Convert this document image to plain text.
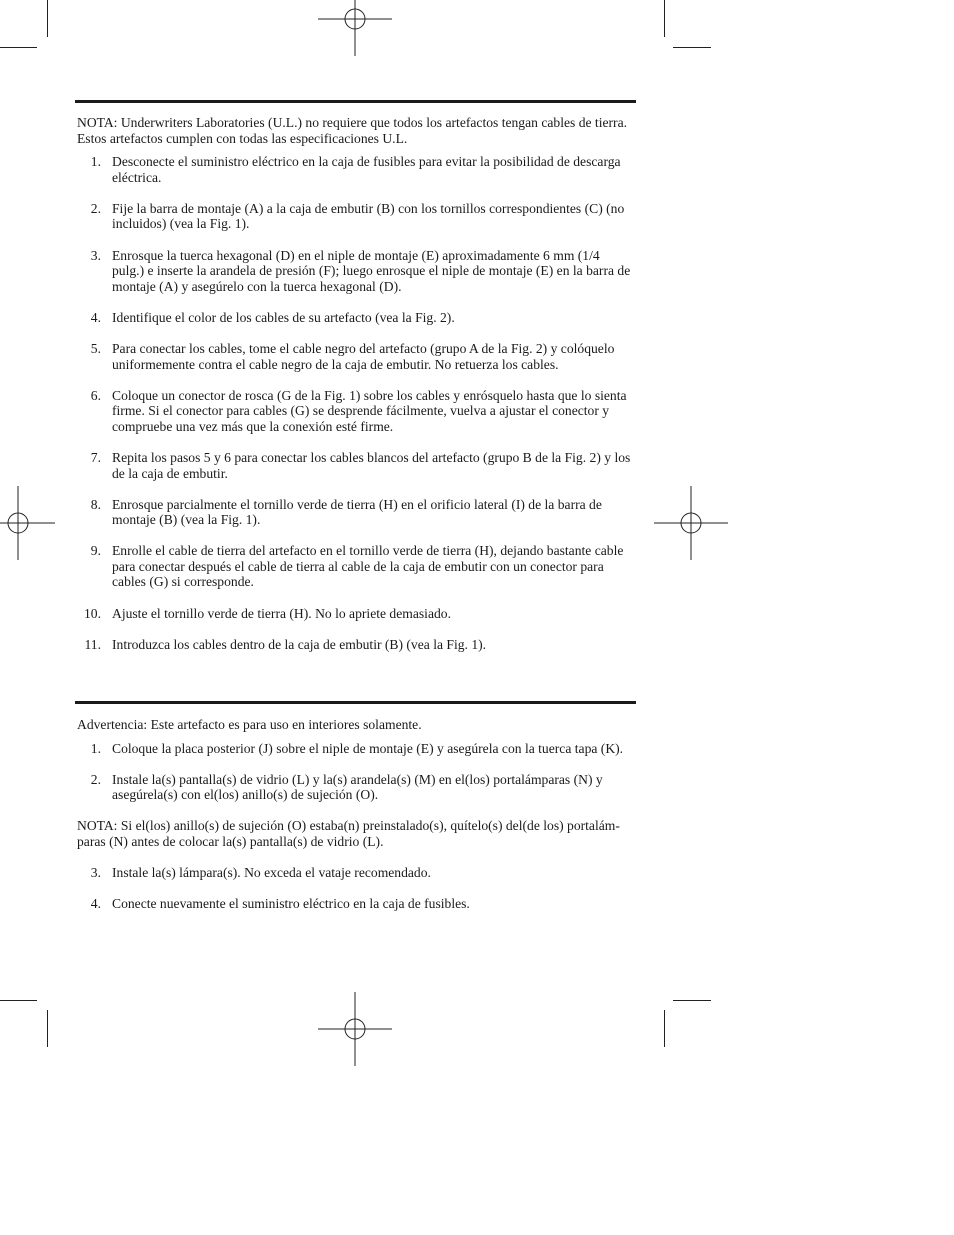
NOTA: Underwriters Laboratories (U.L.) no requiere que todos los artefactos tengan cables de tierra. Estos artefactos cumplen con todas las especificaciones U.L.

1. Desconecte el suministro eléctrico en la caja de fusibles para evitar la posibilidad de descarga eléctrica.
2. Fije la barra de montaje (A) a la caja de embutir (B) con los tornillos correspondientes (C) (no incluidos) (vea la Fig. 1).
3. Enrosque la tuerca hexagonal (D) en el niple de montaje (E) aproximadamente 6 mm (1/4 pulg.) e inserte la arandela de presión (F); luego enrosque el niple de montaje (E) en la barra de montaje (A) y asegúrelo con la tuerca hexagonal (D).
4. Identifique el color de los cables de su artefacto (vea la Fig. 2).
5. Para conectar los cables, tome el cable negro del artefacto (grupo A de la Fig. 2) y colóquelo uniformemente contra el cable negro de la caja de embutir. No retuerza los cables.
6. Coloque un conector de rosca (G de la Fig. 1) sobre los cables y enrósquelo hasta que lo sienta firme. Si el conector para cables (G) se desprende fácilmente, vuelva a ajustar el conector y compruebe una vez más que la conexión esté firme.
7. Repita los pasos 5 y 6 para conectar los cables blancos del artefacto (grupo B de la Fig. 2) y los de la caja de embutir.
8. Enrosque parcialmente el tornillo verde de tierra (H) en el orificio lateral (I) de la barra de montaje (B) (vea la Fig. 1).
9. Enrolle el cable de tierra del artefacto en el tornillo verde de tierra (H), dejando bastante cable para conectar después el cable de tierra al cable de la caja de embutir con un conector para cables (G) si corresponde.
10. Ajuste el tornillo verde de tierra (H). No lo apriete demasiado.
11. Introduzca los cables dentro de la caja de embutir (B) (vea la Fig. 1).

Advertencia: Este artefacto es para uso en interiores solamente.

1. Coloque la placa posterior (J) sobre el niple de montaje (E) y asegúrela con la tuerca tapa (K).
2. Instale la(s) pantalla(s) de vidrio (L) y la(s) arandela(s) (M) en el(los) portalámparas (N) y asegúrela(s) con el(los) anillo(s) de sujeción (O).

NOTA: Si el(los) anillo(s) de sujeción (O) estaba(n) preinstalado(s), quítelo(s) del(de los) portalám-paras (N) antes de colocar la(s) pantalla(s) de vidrio (L).

3. Instale la(s) lámpara(s). No exceda el vataje recomendado.
4. Conecte nuevamente el suministro eléctrico en la caja de fusibles.
